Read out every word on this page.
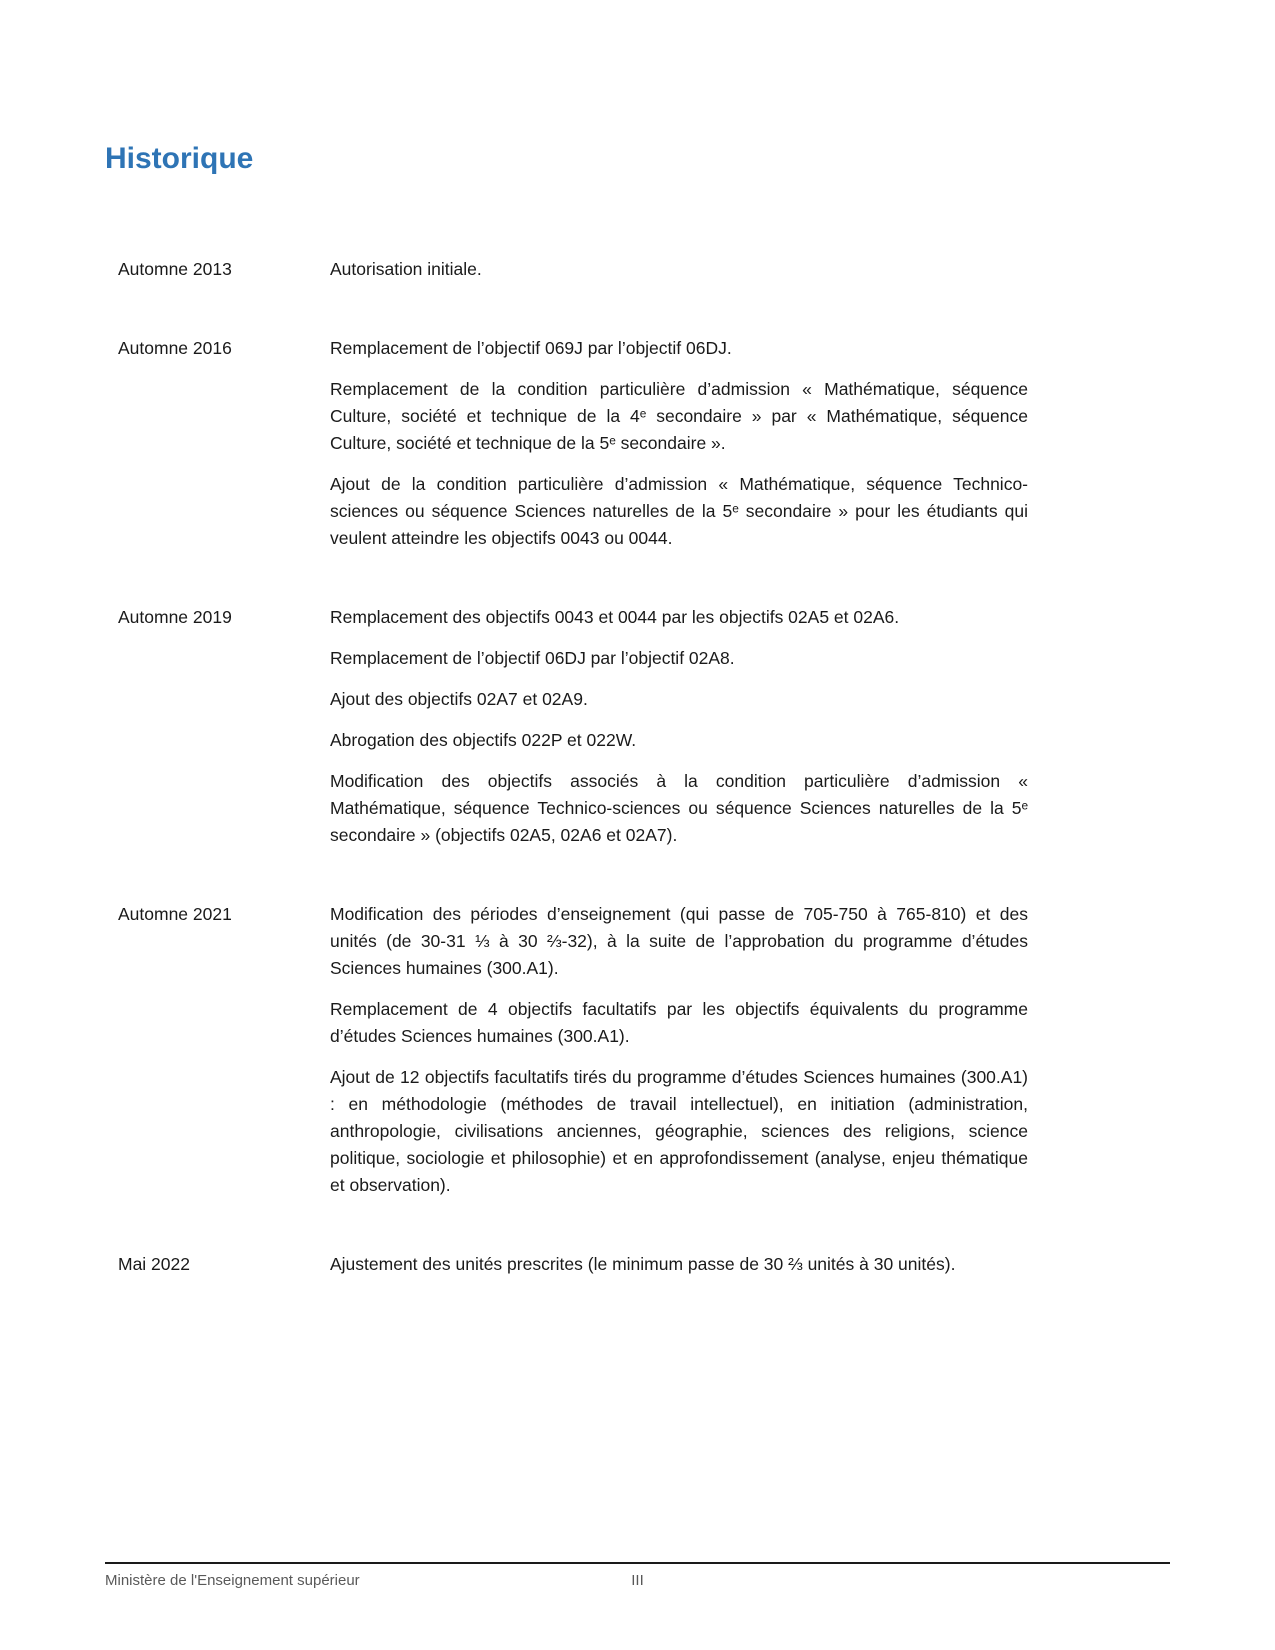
Historique
Automne 2013	Autorisation initiale.

Automne 2016	Remplacement de l’objectif 069J par l’objectif 06DJ.

Remplacement de la condition particulière d’admission « Mathématique, séquence Culture, société et technique de la 4ᵉ secondaire » par « Mathématique, séquence Culture, société et technique de la 5ᵉ secondaire ».

Ajout de la condition particulière d’admission « Mathématique, séquence Technico-sciences ou séquence Sciences naturelles de la 5ᵉ secondaire » pour les étudiants qui veulent atteindre les objectifs 0043 ou 0044.

Automne 2019	Remplacement des objectifs 0043 et 0044 par les objectifs 02A5 et 02A6.

Remplacement de l’objectif 06DJ par l’objectif 02A8.

Ajout des objectifs 02A7 et 02A9.

Abrogation des objectifs 022P et 022W.

Modification des objectifs associés à la condition particulière d’admission « Mathématique, séquence Technico-sciences ou séquence Sciences naturelles de la 5ᵉ secondaire » (objectifs 02A5, 02A6 et 02A7).

Automne 2021	Modification des périodes d’enseignement (qui passe de 705-750 à 765-810) et des unités (de 30-31 ⅓ à 30 ⅔-32), à la suite de l’approbation du programme d’études Sciences humaines (300.A1).

Remplacement de 4 objectifs facultatifs par les objectifs équivalents du programme d’études Sciences humaines (300.A1).

Ajout de 12 objectifs facultatifs tirés du programme d’études Sciences humaines (300.A1) : en méthodologie (méthodes de travail intellectuel), en initiation (administration, anthropologie, civilisations anciennes, géographie, sciences des religions, science politique, sociologie et philosophie) et en approfondissement (analyse, enjeu thématique et observation).

Mai 2022	Ajustement des unités prescrites (le minimum passe de 30 ⅔ unités à 30 unités).

III
Ministère de l'Enseignement supérieur
